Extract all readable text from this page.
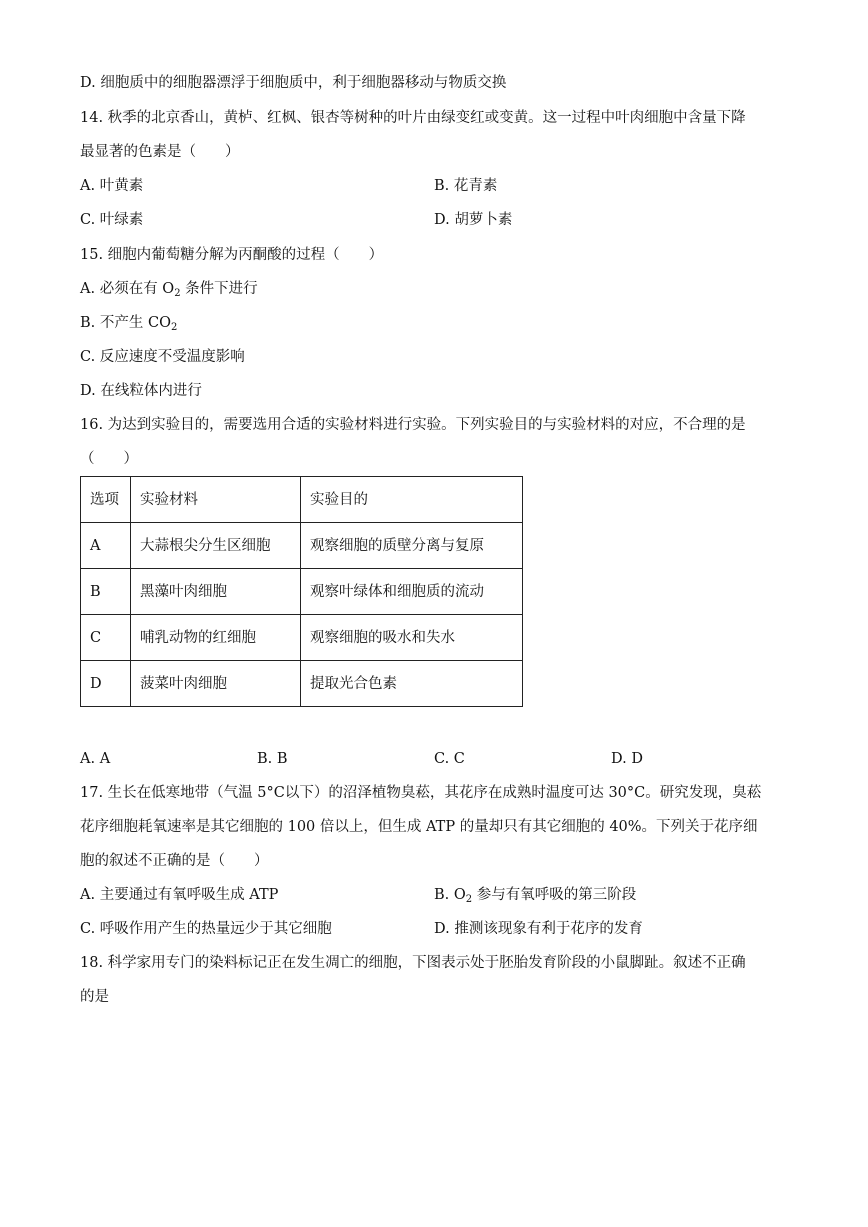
D. 细胞质中的细胞器漂浮于细胞质中，利于细胞器移动与物质交换
14. 秋季的北京香山，黄栌、红枫、银杏等树种的叶片由绿变红或变黄。这一过程中叶肉细胞中含量下降
最显著的色素是（　　）
A. 叶黄素	B. 花青素
C. 叶绿素	D. 胡萝卜素
15. 细胞内葡萄糖分解为丙酮酸的过程（　　）
A. 必须在有 $O_2$ 条件下进行
B. 不产生 $CO_2$
C. 反应速度不受温度影响
D. 在线粒体内进行
16. 为达到实验目的，需要选用合适的实验材料进行实验。下列实验目的与实验材料的对应，不合理的是
（　　）
选项	实验材料	实验目的
A	大蒜根尖分生区细胞	观察细胞的质壁分离与复原
B	黑藻叶肉细胞	观察叶绿体和细胞质的流动
C	哺乳动物的红细胞	观察细胞的吸水和失水
D	菠菜叶肉细胞	提取光合色素
A. A	B. B	C. C	D. D
17. 生长在低寒地带（气温 5°C以下）的沼泽植物臭菘，其花序在成熟时温度可达 30°C。研究发现，臭菘
花序细胞耗氧速率是其它细胞的 100 倍以上，但生成 ATP 的量却只有其它细胞的 40%。下列关于花序细
胞的叙述不正确的是（　　）
A. 主要通过有氧呼吸生成 ATP	B. $O_2$ 参与有氧呼吸的第三阶段
C. 呼吸作用产生的热量远少于其它细胞	D. 推测该现象有利于花序的发育
18. 科学家用专门的染料标记正在发生凋亡的细胞，下图表示处于胚胎发育阶段的小鼠脚趾。叙述不正确
的是
